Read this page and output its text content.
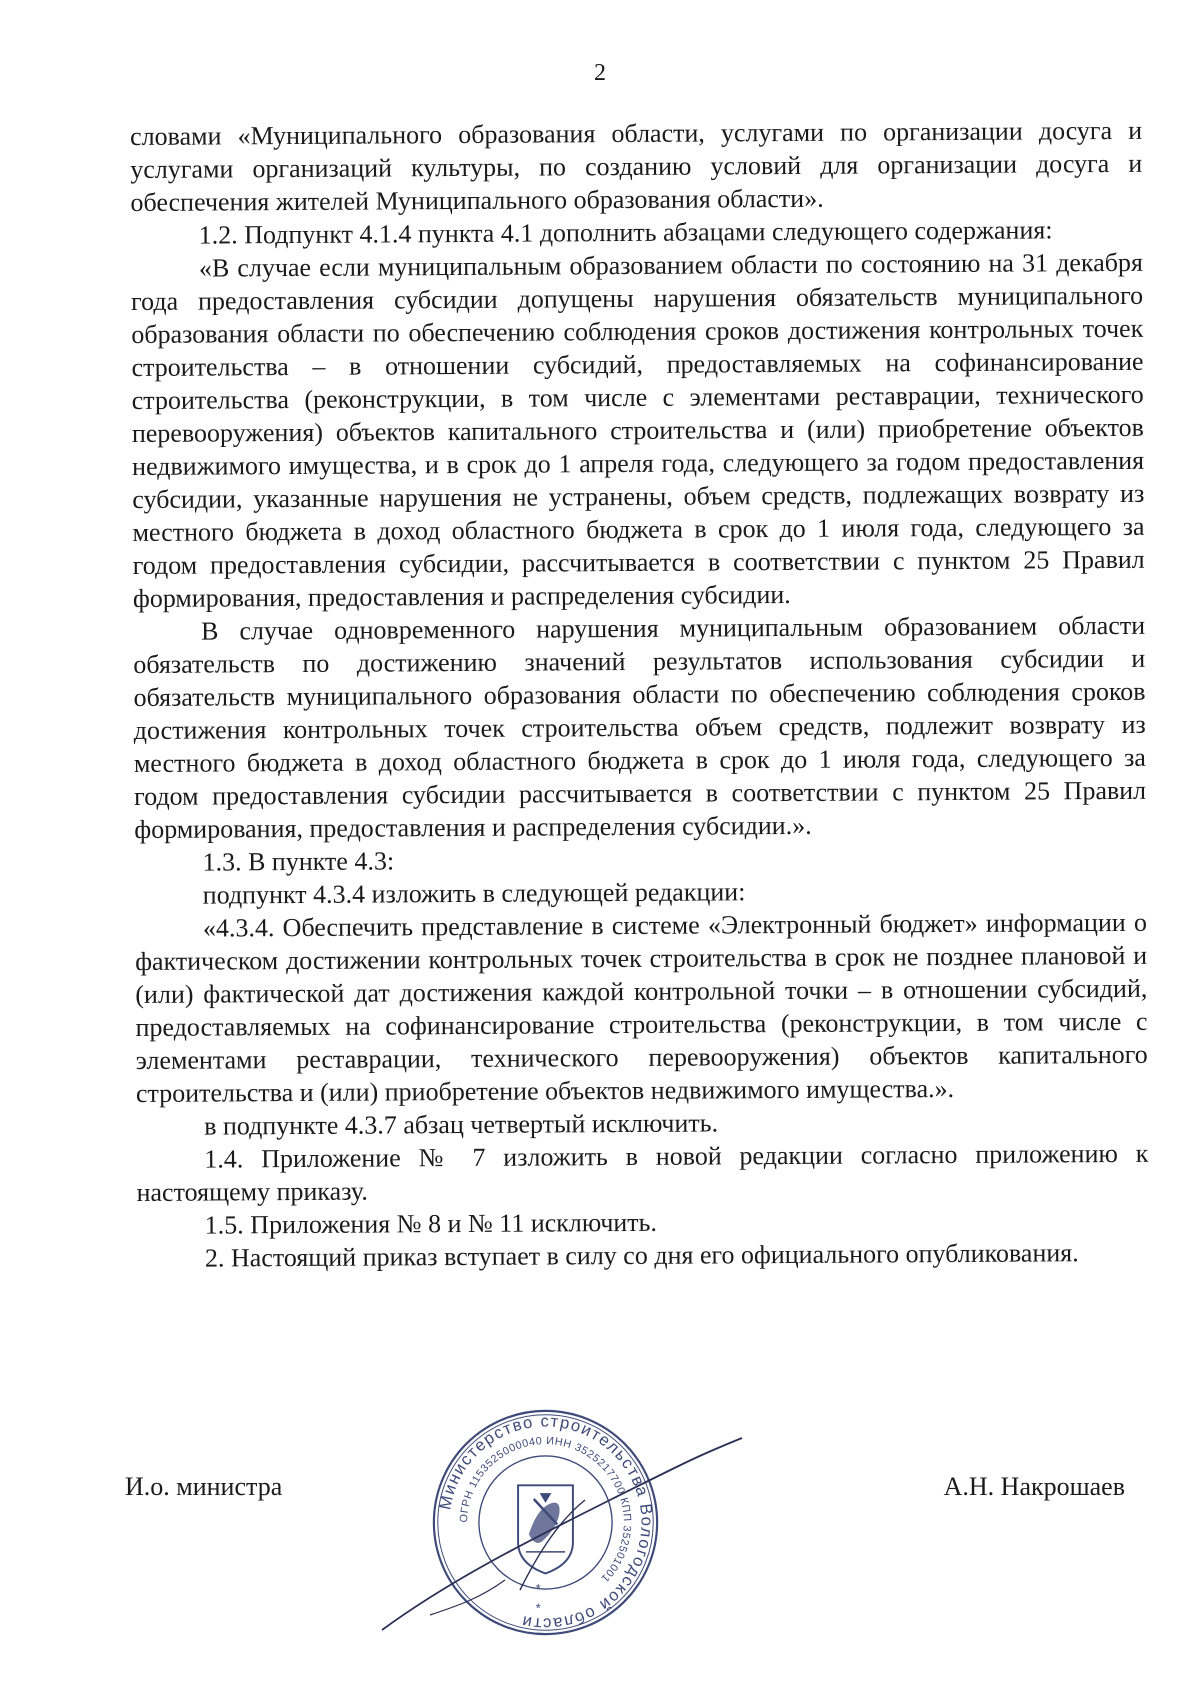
2

словами «Муниципального образования области, услугами по организации досуга и услугами организаций культуры, по созданию условий для организации досуга и обеспечения жителей Муниципального образования области».

1.2. Подпункт 4.1.4 пункта 4.1 дополнить абзацами следующего содержания:

«В случае если муниципальным образованием области по состоянию на 31 декабря года предоставления субсидии допущены нарушения обязательств муниципального образования области по обеспечению соблюдения сроков достижения контрольных точек строительства – в отношении субсидий, предоставляемых на софинансирование строительства (реконструкции, в том числе с элементами реставрации, технического перевооружения) объектов капитального строительства и (или) приобретение объектов недвижимого имущества, и в срок до 1 апреля года, следующего за годом предоставления субсидии, указанные нарушения не устранены, объем средств, подлежащих возврату из местного бюджета в доход областного бюджета в срок до 1 июля года, следующего за годом предоставления субсидии, рассчитывается в соответствии с пунктом 25 Правил формирования, предоставления и распределения субсидии.

В случае одновременного нарушения муниципальным образованием области обязательств по достижению значений результатов использования субсидии и обязательств муниципального образования области по обеспечению соблюдения сроков достижения контрольных точек строительства объем средств, подлежит возврату из местного бюджета в доход областного бюджета в срок до 1 июля года, следующего за годом предоставления субсидии рассчитывается в соответствии с пунктом 25 Правил формирования, предоставления и распределения субсидии.».

1.3. В пункте 4.3:

подпункт 4.3.4 изложить в следующей редакции:

«4.3.4. Обеспечить представление в системе «Электронный бюджет» информации о фактическом достижении контрольных точек строительства в срок не позднее плановой и (или) фактической дат достижения каждой контрольной точки – в отношении субсидий, предоставляемых на софинансирование строительства (реконструкции, в том числе с элементами реставрации, технического перевооружения) объектов капитального строительства и (или) приобретение объектов недвижимого имущества.».

в подпункте 4.3.7 абзац четвертый исключить.

1.4. Приложение № 7 изложить в новой редакции согласно приложению к настоящему приказу.

1.5. Приложения № 8 и № 11 исключить.

2. Настоящий приказ вступает в силу со дня его официального опубликования.

И.о. министра	А.Н. Накрошаев
Министерство строительства Вологодской области
ОГРН 1153525000040 ИНН 3525217700 КПП 352501001
*
*
